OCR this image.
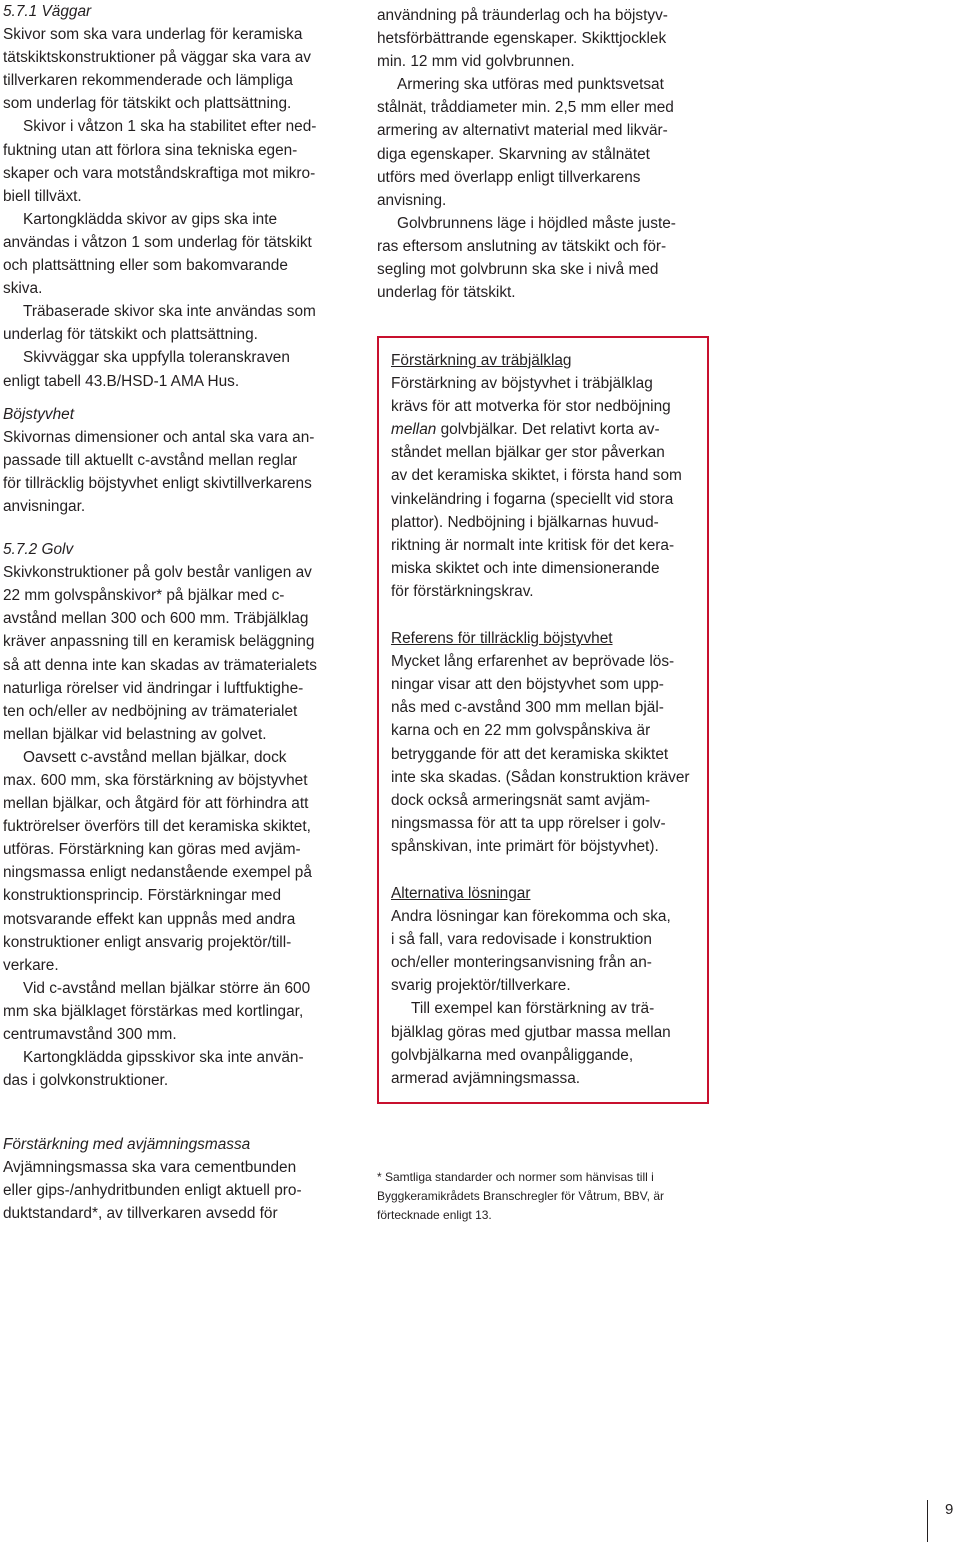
5.7.1 Väggar

Skivor som ska vara underlag för keramiska
tätskiktskonstruktioner på väggar ska vara av
tillverkaren rekommenderade och lämpliga
som underlag för tätskikt och plattsättning.

Skivor i våtzon 1 ska ha stabilitet efter ned-
fuktning utan att förlora sina tekniska egen-
skaper och vara motståndskraftiga mot mikro-
biell tillväxt.

Kartongklädda skivor av gips ska inte
användas i våtzon 1 som underlag för tätskikt
och plattsättning eller som bakomvarande
skiva.

Träbaserade skivor ska inte användas som
underlag för tätskikt och plattsättning.

Skivväggar ska uppfylla toleranskraven
enligt tabell 43.B/HSD-1 AMA Hus.

Böjstyvhet

Skivornas dimensioner och antal ska vara an-
passade till aktuellt c-avstånd mellan reglar
för tillräcklig böjstyvhet enligt skivtillverkarens
anvisningar.

5.7.2 Golv

Skivkonstruktioner på golv består vanligen av
22 mm golvspånskivor* på bjälkar med c-
avstånd mellan 300 och 600 mm. Träbjälklag
kräver anpassning till en keramisk beläggning
så att denna inte kan skadas av trämaterialets
naturliga rörelser vid ändringar i luftfuktighe-
ten och/eller av nedböjning av trämaterialet
mellan bjälkar vid belastning av golvet.

Oavsett c-avstånd mellan bjälkar, dock
max. 600 mm, ska förstärkning av böjstyvhet
mellan bjälkar, och åtgärd för att förhindra att
fuktrörelser överförs till det keramiska skiktet,
utföras. Förstärkning kan göras med avjäm-
ningsmassa enligt nedanstående exempel på
konstruktionsprincip. Förstärkningar med
motsvarande effekt kan uppnås med andra
konstruktioner enligt ansvarig projektör/till-
verkare.

Vid c-avstånd mellan bjälkar större än 600
mm ska bjälklaget förstärkas med kortlingar,
centrumavstånd 300 mm.

Kartongklädda gipsskivor ska inte använ-
das i golvkonstruktioner.

Förstärkning med avjämningsmassa

Avjämningsmassa ska vara cementbunden
eller gips-/anhydritbunden enligt aktuell pro-
duktstandard*, av tillverkaren avsedd för

användning på träunderlag och ha böjstyv-
hetsförbättrande egenskaper. Skikttjocklek
min. 12 mm vid golvbrunnen.

Armering ska utföras med punktsvetsat
stålnät, tråddiameter min. 2,5 mm eller med
armering av alternativt material med likvär-
diga egenskaper. Skarvning av stålnätet
utförs med överlapp enligt tillverkarens
anvisning.

Golvbrunnens läge i höjdled måste juste-
ras eftersom anslutning av tätskikt och för-
segling mot golvbrunn ska ske i nivå med
underlag för tätskikt.

Förstärkning av träbjälklag

Förstärkning av böjstyvhet i träbjälklag
krävs för att motverka för stor nedböjning
mellan golvbjälkar. Det relativt korta av-
ståndet mellan bjälkar ger stor påverkan
av det keramiska skiktet, i första hand som
vinkeländring i fogarna (speciellt vid stora
plattor). Nedböjning i bjälkarnas huvud-
riktning är normalt inte kritisk för det kera-
miska skiktet och inte dimensionerande
för förstärkningskrav.

Referens för tillräcklig böjstyvhet

Mycket lång erfarenhet av beprövade lös-
ningar visar att den böjstyvhet som upp-
nås med c-avstånd 300 mm mellan bjäl-
karna och en 22 mm golvspånskiva är
betryggande för att det keramiska skiktet
inte ska skadas. (Sådan konstruktion kräver
dock också armeringsnät samt avjäm-
ningsmassa för att ta upp rörelser i golv-
spånskivan, inte primärt för böjstyvhet).

Alternativa lösningar

Andra lösningar kan förekomma och ska,
i så fall, vara redovisade i konstruktion
och/eller monteringsanvisning från an-
svarig projektör/tillverkare.

Till exempel kan förstärkning av trä-
bjälklag göras med gjutbar massa mellan
golvbjälkarna med ovanpåliggande,
armerad avjämningsmassa.

* Samtliga standarder och normer som hänvisas till i
Byggkeramikrådets Branschregler för Våtrum, BBV, är
förtecknade enligt 13.
9
